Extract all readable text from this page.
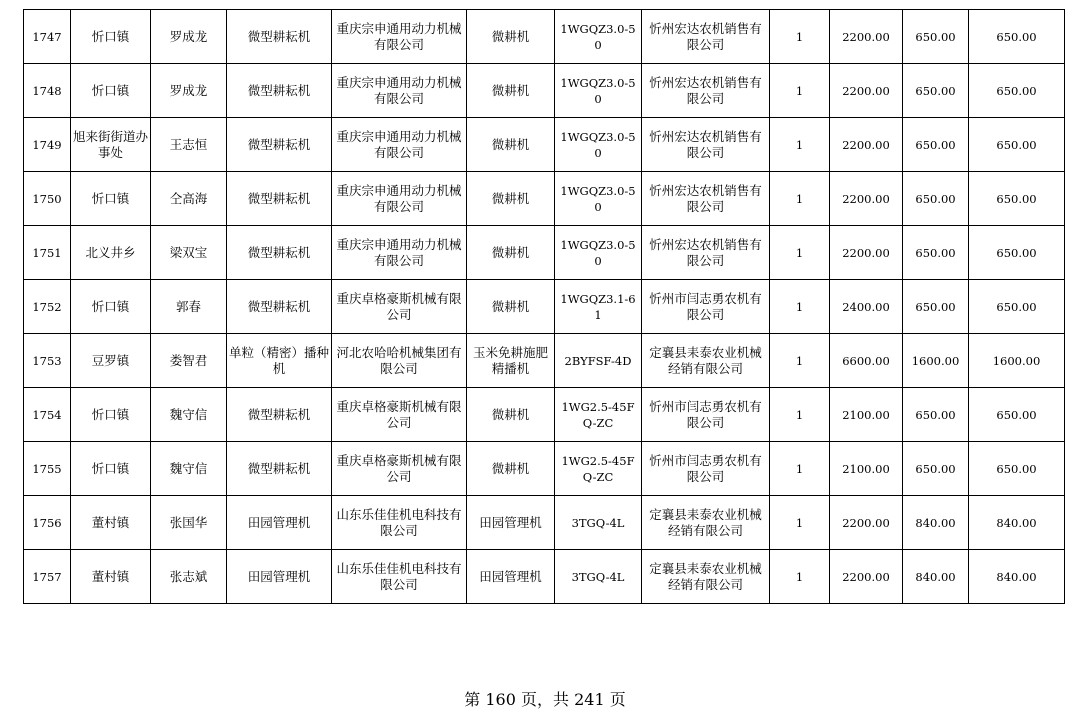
1747	忻口镇	罗成龙	微型耕耘机	重庆宗申通用动力机械有限公司	微耕机	1WGQZ3.0-50	忻州宏达农机销售有限公司	1	2200.00	650.00	650.00
1748	忻口镇	罗成龙	微型耕耘机	重庆宗申通用动力机械有限公司	微耕机	1WGQZ3.0-50	忻州宏达农机销售有限公司	1	2200.00	650.00	650.00
1749	旭来街街道办事处	王志恒	微型耕耘机	重庆宗申通用动力机械有限公司	微耕机	1WGQZ3.0-50	忻州宏达农机销售有限公司	1	2200.00	650.00	650.00
1750	忻口镇	仝高海	微型耕耘机	重庆宗申通用动力机械有限公司	微耕机	1WGQZ3.0-50	忻州宏达农机销售有限公司	1	2200.00	650.00	650.00
1751	北义井乡	梁双宝	微型耕耘机	重庆宗申通用动力机械有限公司	微耕机	1WGQZ3.0-50	忻州宏达农机销售有限公司	1	2200.00	650.00	650.00
1752	忻口镇	郭春	微型耕耘机	重庆卓格豪斯机械有限公司	微耕机	1WGQZ3.1-61	忻州市闫志勇农机有限公司	1	2400.00	650.00	650.00
1753	豆罗镇	娄智君	单粒（精密）播种机	河北农哈哈机械集团有限公司	玉米免耕施肥精播机	2BYFSF-4D	定襄县耒泰农业机械经销有限公司	1	6600.00	1600.00	1600.00
1754	忻口镇	魏守信	微型耕耘机	重庆卓格豪斯机械有限公司	微耕机	1WG2.5-45FQ-ZC	忻州市闫志勇农机有限公司	1	2100.00	650.00	650.00
1755	忻口镇	魏守信	微型耕耘机	重庆卓格豪斯机械有限公司	微耕机	1WG2.5-45FQ-ZC	忻州市闫志勇农机有限公司	1	2100.00	650.00	650.00
1756	董村镇	张国华	田园管理机	山东乐佳佳机电科技有限公司	田园管理机	3TGQ-4L	定襄县耒泰农业机械经销有限公司	1	2200.00	840.00	840.00
1757	董村镇	张志斌	田园管理机	山东乐佳佳机电科技有限公司	田园管理机	3TGQ-4L	定襄县耒泰农业机械经销有限公司	1	2200.00	840.00	840.00
第 160 页，共 241 页
